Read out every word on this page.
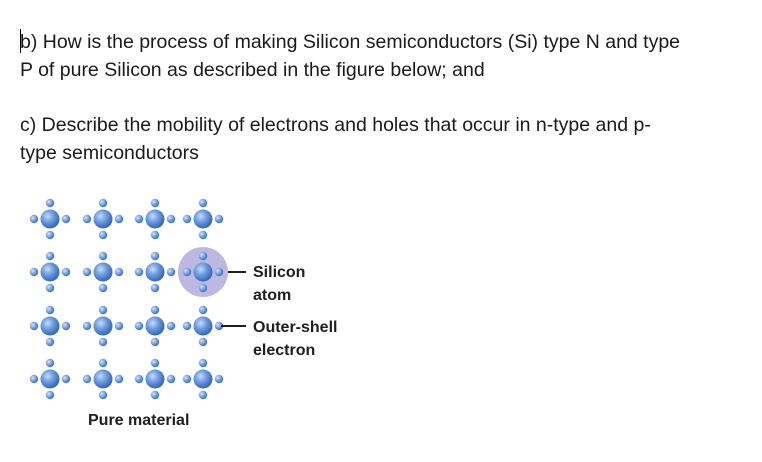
b) How is the process of making Silicon semiconductors (Si) type N and type
P of pure Silicon as described in the figure below; and
c) Describe the mobility of electrons and holes that occur in n-type and p-
type semiconductors
Silicon
atom
Outer-shell
electron
Pure material
